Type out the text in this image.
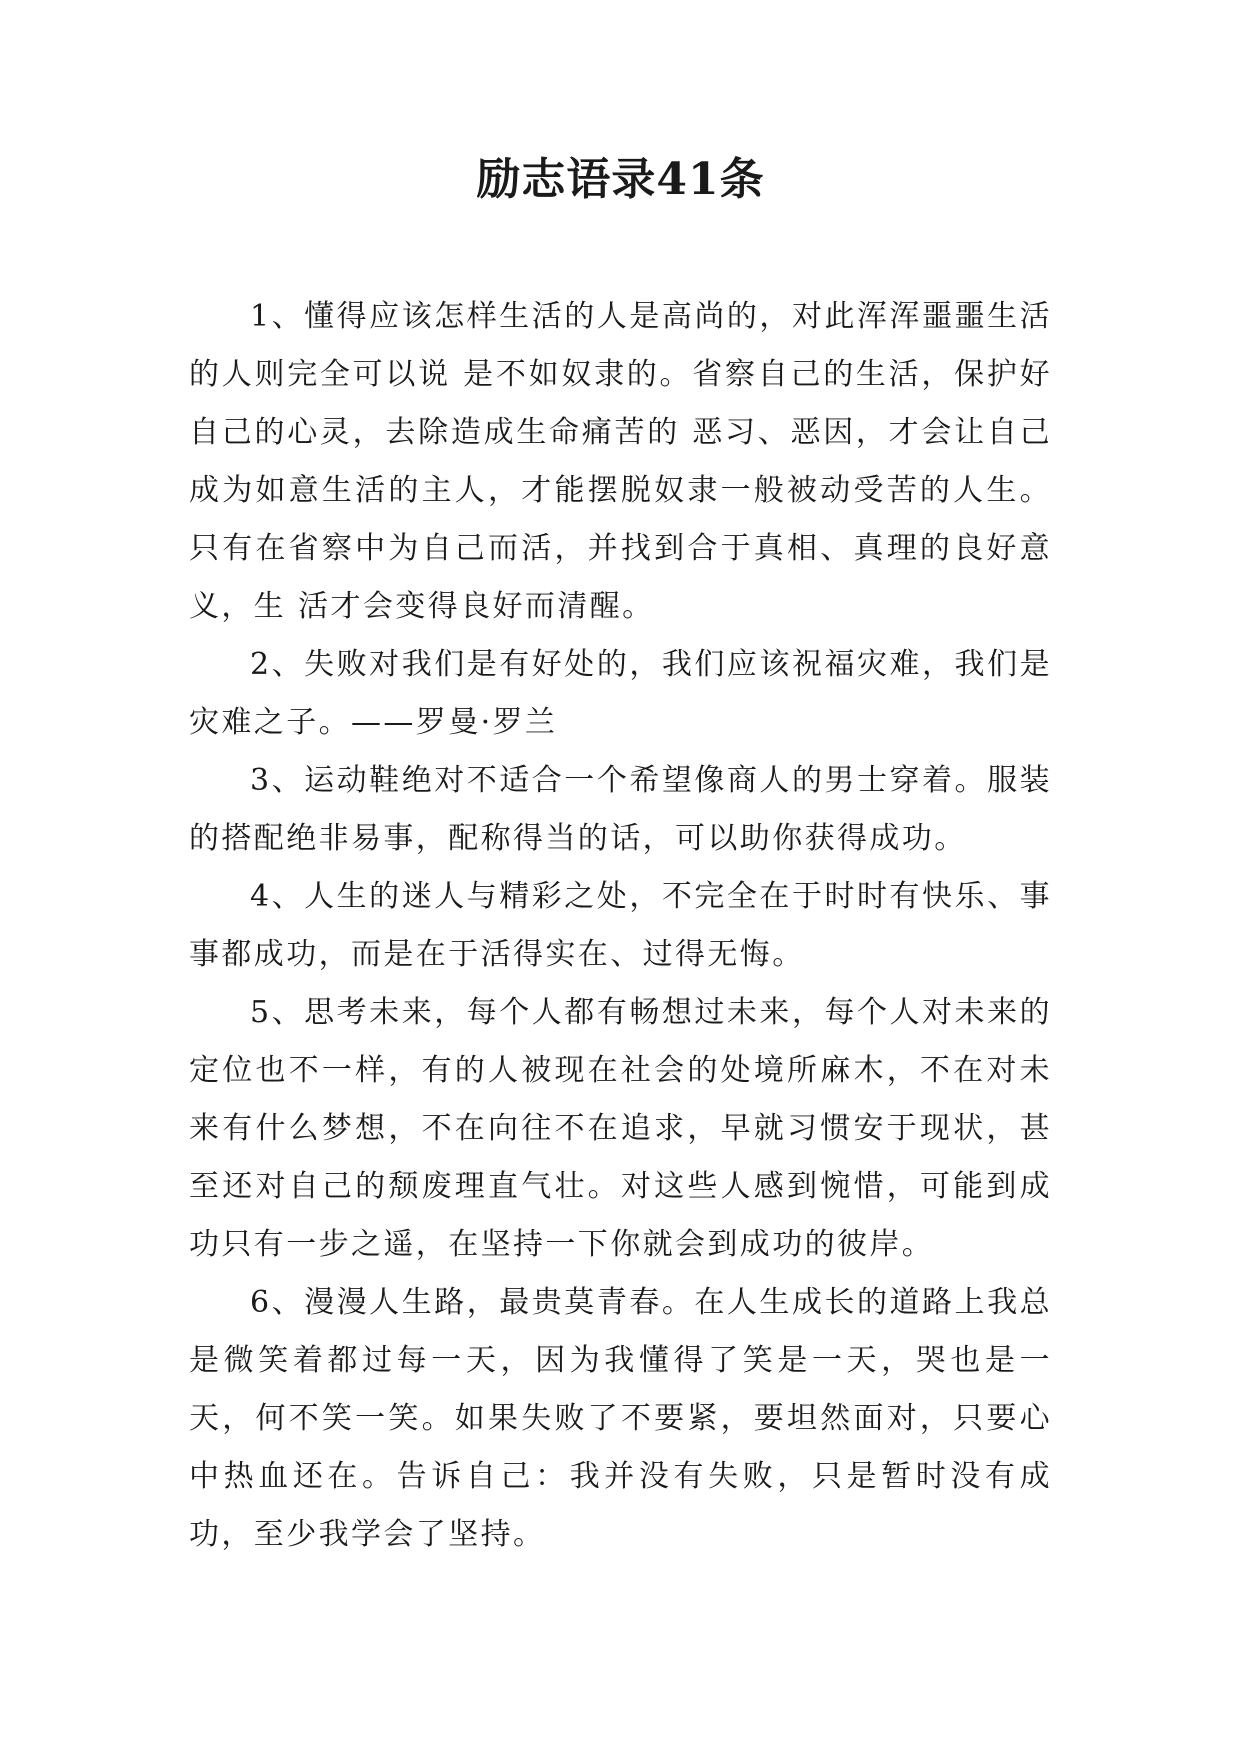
励志语录41条

1、懂得应该怎样生活的人是高尚的，对此浑浑噩噩生活的人则完全可以说 是不如奴隶的。省察自己的生活，保护好自己的心灵，去除造成生命痛苦的 恶习、恶因，才会让自己成为如意生活的主人，才能摆脱奴隶一般被动受苦的人生。只有在省察中为自己而活，并找到合于真相、真理的良好意义，生 活才会变得良好而清醒。

2、失败对我们是有好处的，我们应该祝福灾难，我们是灾难之子。——罗曼·罗兰

3、运动鞋绝对不适合一个希望像商人的男士穿着。服装的搭配绝非易事，配称得当的话，可以助你获得成功。

4、人生的迷人与精彩之处，不完全在于时时有快乐、事事都成功，而是在于活得实在、过得无悔。

5、思考未来，每个人都有畅想过未来，每个人对未来的定位也不一样，有的人被现在社会的处境所麻木，不在对未来有什么梦想，不在向往不在追求，早就习惯安于现状，甚至还对自己的颓废理直气壮。对这些人感到惋惜，可能到成功只有一步之遥，在坚持一下你就会到成功的彼岸。

6、漫漫人生路，最贵莫青春。在人生成长的道路上我总是微笑着都过每一天，因为我懂得了笑是一天，哭也是一天，何不笑一笑。如果失败了不要紧，要坦然面对，只要心中热血还在。告诉自己：我并没有失败，只是暂时没有成功，至少我学会了坚持。
